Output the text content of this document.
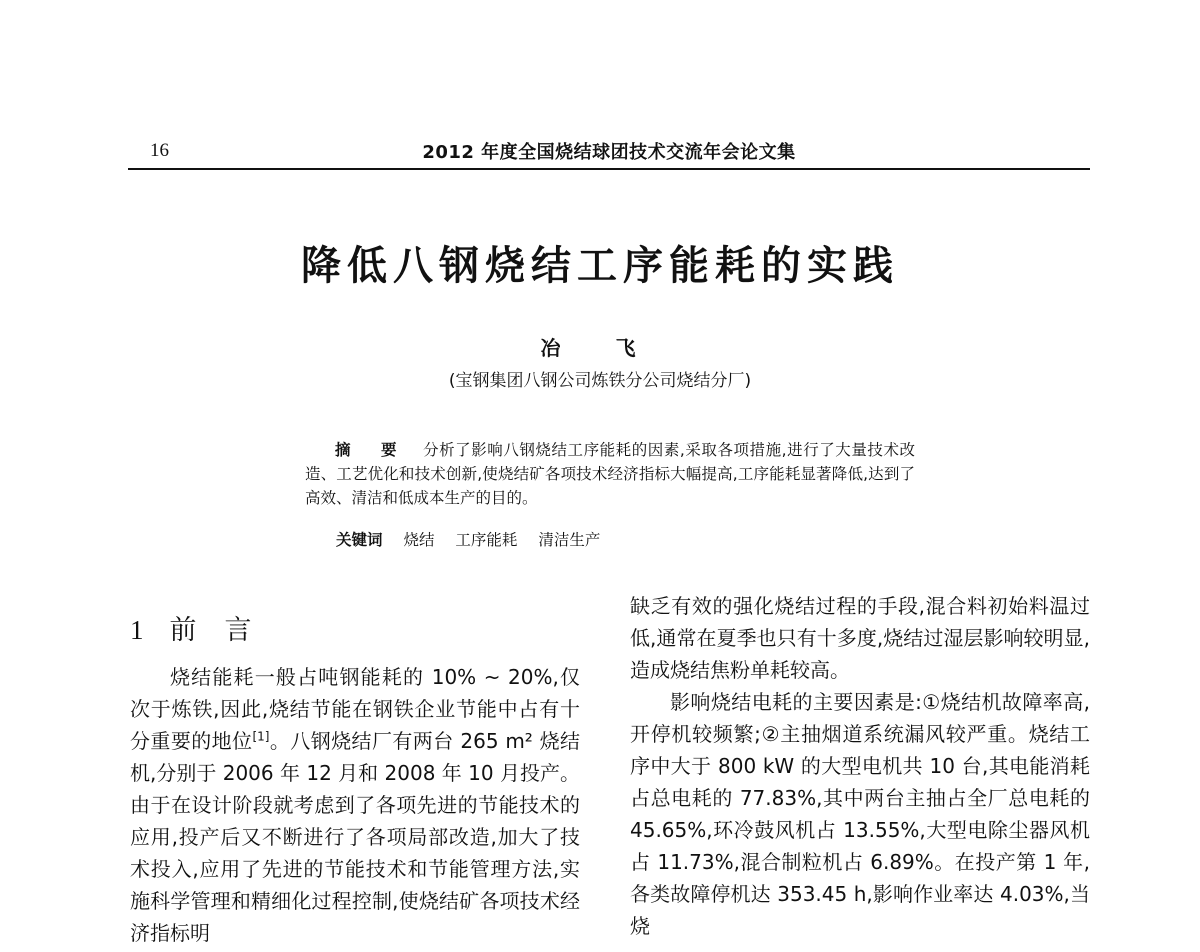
16	2012 年度全国烧结球团技术交流年会论文集
降低八钢烧结工序能耗的实践
冶 飞
(宝钢集团八钢公司炼铁分公司烧结分厂)
摘 要 分析了影响八钢烧结工序能耗的因素,采取各项措施,进行了大量技术改造、工艺优化和技术创新,使烧结矿各项技术经济指标大幅提高,工序能耗显著降低,达到了高效、清洁和低成本生产的目的。
关键词 烧结 工序能耗 清洁生产
1 前言

烧结能耗一般占吨钢能耗的 10% ~ 20%,仅次于炼铁,因此,烧结节能在钢铁企业节能中占有十分重要的地位[1]。八钢烧结厂有两台 265 m² 烧结机,分别于 2006 年 12 月和 2008 年 10 月投产。由于在设计阶段就考虑到了各项先进的节能技术的应用,投产后又不断进行了各项局部改造,加大了技术投入,应用了先进的节能技术和节能管理方法,实施科学管理和精细化过程控制,使烧结矿各项技术经济指标明

缺乏有效的强化烧结过程的手段,混合料初始料温过低,通常在夏季也只有十多度,烧结过湿层影响较明显,造成烧结焦粉单耗较高。

影响烧结电耗的主要因素是:①烧结机故障率高,开停机较频繁;②主抽烟道系统漏风较严重。烧结工序中大于 800 kW 的大型电机共 10 台,其电能消耗占总电耗的 77.83%,其中两台主抽占全厂总电耗的 45.65%,环冷鼓风机占 13.55%,大型电除尘器风机占 11.73%,混合制粒机占 6.89%。在投产第 1 年,各类故障停机达 353.45 h,影响作业率达 4.03%,当烧
